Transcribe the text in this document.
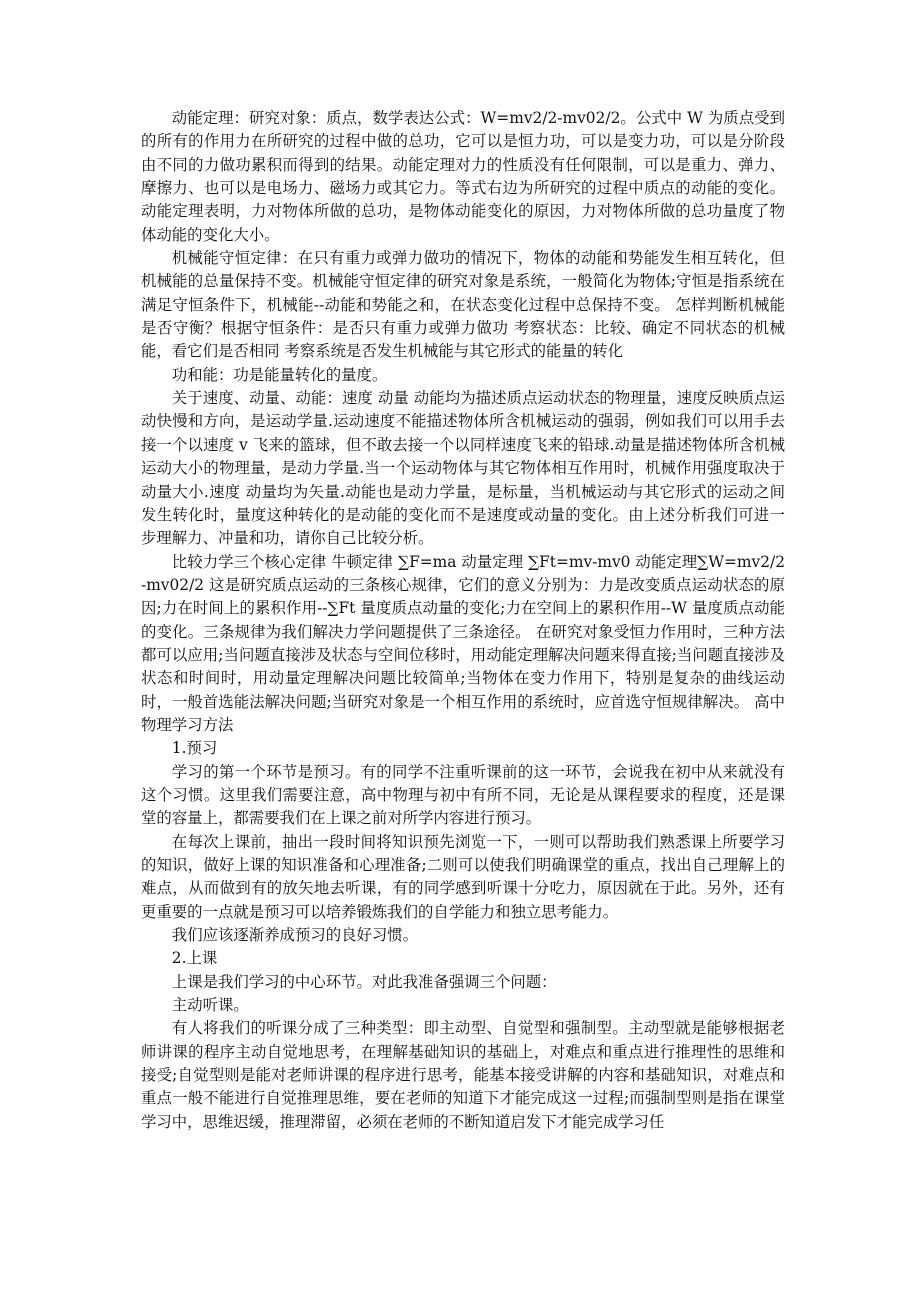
动能定理：研究对象：质点，数学表达公式：W=mv2/2-mv02/2。公式中 W 为质点受到的所有的作用力在所研究的过程中做的总功，它可以是恒力功，可以是变力功，可以是分阶段由不同的力做功累积而得到的结果。动能定理对力的性质没有任何限制，可以是重力、弹力、摩擦力、也可以是电场力、磁场力或其它力。等式右边为所研究的过程中质点的动能的变化。动能定理表明，力对物体所做的总功，是物体动能变化的原因，力对物体所做的总功量度了物体动能的变化大小。

机械能守恒定律：在只有重力或弹力做功的情况下，物体的动能和势能发生相互转化，但机械能的总量保持不变。机械能守恒定律的研究对象是系统，一般简化为物体;守恒是指系统在满足守恒条件下，机械能--动能和势能之和，在状态变化过程中总保持不变。 怎样判断机械能是否守衡？根据守恒条件：是否只有重力或弹力做功 考察状态：比较、确定不同状态的机械能，看它们是否相同 考察系统是否发生机械能与其它形式的能量的转化

功和能：功是能量转化的量度。

关于速度、动量、动能：速度 动量 动能均为描述质点运动状态的物理量，速度反映质点运动快慢和方向，是运动学量.运动速度不能描述物体所含机械运动的强弱，例如我们可以用手去接一个以速度 v 飞来的篮球，但不敢去接一个以同样速度飞来的铅球.动量是描述物体所含机械运动大小的物理量，是动力学量.当一个运动物体与其它物体相互作用时，机械作用强度取决于动量大小.速度 动量均为矢量.动能也是动力学量，是标量，当机械运动与其它形式的运动之间发生转化时，量度这种转化的是动能的变化而不是速度或动量的变化。由上述分析我们可进一步理解力、冲量和功，请你自己比较分析。

比较力学三个核心定律 牛顿定律 ∑F=ma 动量定理 ∑Ft=mv-mv0 动能定理∑W=mv2/2-mv02/2 这是研究质点运动的三条核心规律，它们的意义分别为：力是改变质点运动状态的原因;力在时间上的累积作用--∑Ft 量度质点动量的变化;力在空间上的累积作用--W 量度质点动能的变化。三条规律为我们解决力学问题提供了三条途径。 在研究对象受恒力作用时，三种方法都可以应用;当问题直接涉及状态与空间位移时，用动能定理解决问题来得直接;当问题直接涉及状态和时间时，用动量定理解决问题比较简单;当物体在变力作用下，特别是复杂的曲线运动时，一般首选能法解决问题;当研究对象是一个相互作用的系统时，应首选守恒规律解决。 高中物理学习方法

1.预习

学习的第一个环节是预习。有的同学不注重听课前的这一环节，会说我在初中从来就没有这个习惯。这里我们需要注意，高中物理与初中有所不同，无论是从课程要求的程度，还是课堂的容量上，都需要我们在上课之前对所学内容进行预习。

在每次上课前，抽出一段时间将知识预先浏览一下，一则可以帮助我们熟悉课上所要学习的知识，做好上课的知识准备和心理准备;二则可以使我们明确课堂的重点，找出自己理解上的难点，从而做到有的放矢地去听课，有的同学感到听课十分吃力，原因就在于此。另外，还有更重要的一点就是预习可以培养锻炼我们的自学能力和独立思考能力。

我们应该逐渐养成预习的良好习惯。

2.上课

上课是我们学习的中心环节。对此我准备强调三个问题：

主动听课。

有人将我们的听课分成了三种类型：即主动型、自觉型和强制型。主动型就是能够根据老师讲课的程序主动自觉地思考，在理解基础知识的基础上，对难点和重点进行推理性的思维和接受;自觉型则是能对老师讲课的程序进行思考，能基本接受讲解的内容和基础知识，对难点和重点一般不能进行自觉推理思维，要在老师的知道下才能完成这一过程;而强制型则是指在课堂学习中，思维迟缓，推理滞留，必须在老师的不断知道启发下才能完成学习任
